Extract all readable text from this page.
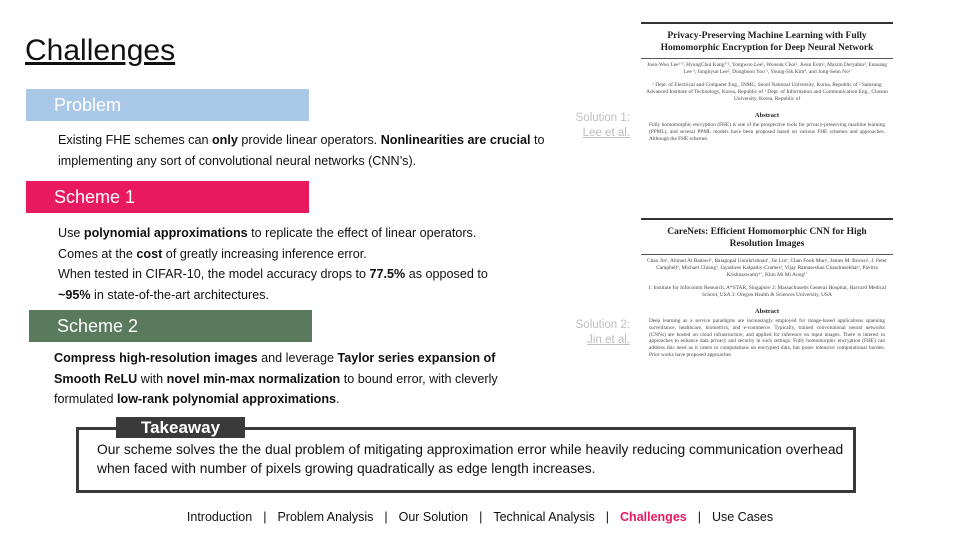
Challenges
Problem
Existing FHE schemes can only provide linear operators. Nonlinearities are crucial to implementing any sort of convolutional neural networks (CNN’s).
Scheme 1
Use polynomial approximations to replicate the effect of linear operators.
Comes at the cost of greatly increasing inference error.
When tested in CIFAR-10, the model accuracy drops to 77.5% as opposed to
~95% in state-of-the-art architectures.
Scheme 2
Compress high-resolution images and leverage Taylor series expansion of Smooth ReLU with novel min-max normalization to bound error, with cleverly formulated low-rank polynomial approximations.
Solution 1:
Lee et al.
Solution 2:
Jin et al.
Privacy-Preserving Machine Learning with Fully Homomorphic Encryption for Deep Neural Network
Joon-Woo Lee¹ʼ², HyungChul Kang¹ʼ², Yongwoo Lee², Woosuk Choi², Jieun Eom², Maxim Deryabin², Eunsang Lee ³, Junghyun Lee², Donghoon Yoo ², Young-Sik Kim⁴, and Jong-Seon No¹
¹ Dept. of Electrical and Computer Eng., INMC, Seoul National University, Korea, Republic of ² Samsung Advanced Institute of Technology, Korea, Republic of ³ Dept. of Information and Communication Eng., Chosun University, Korea, Republic of
Abstract
Fully homomorphic encryption (FHE) is one of the prospective tools for privacy-preserving machine learning (PPML), and several PPML models have been proposed based on various FHE schemes and approaches. Although the FHE schemes
CareNets: Efficient Homomorphic CNN for High Resolution Images
Chao Jin¹, Ahmad Al Badawi¹, Balagopal Unnikrishnan¹, Jie Lin¹, Chan Fook Mun¹, James M. Brown², J. Peter Campbell³, Michael Chiang³, Jayashree Kalpathy-Cramer², Vijay Ramaseshan Chandrasekhar¹, Pavitra Krishnaswamy¹ʼ, Khin Mi Mi Aung¹ʼ
1: Institute for Infocomm Research, A*STAR, Singapore 2: Massachusetts General Hospital, Harvard Medical School, USA 3: Oregon Health & Sciences University, USA
Abstract
Deep learning as a service paradigms are increasingly employed for image-based applications spanning surveillance, healthcare, biometrics, and e-commerce. Typically, trained convolutional neural networks (CNNs) are hosted on cloud infrastructure, and applied for inference on input images. There is interest in approaches to enhance data privacy and security in such settings. Fully homomorphic encryption (FHE) can address this need as it caters to computations on encrypted data, but poses intensive computational burden. Prior works have proposed approaches
Takeaway
Our scheme solves the the dual problem of mitigating approximation error while heavily reducing communication overhead when faced with number of pixels growing quadratically as edge length increases.
Introduction | Problem Analysis | Our Solution | Technical Analysis | Challenges | Use Cases
